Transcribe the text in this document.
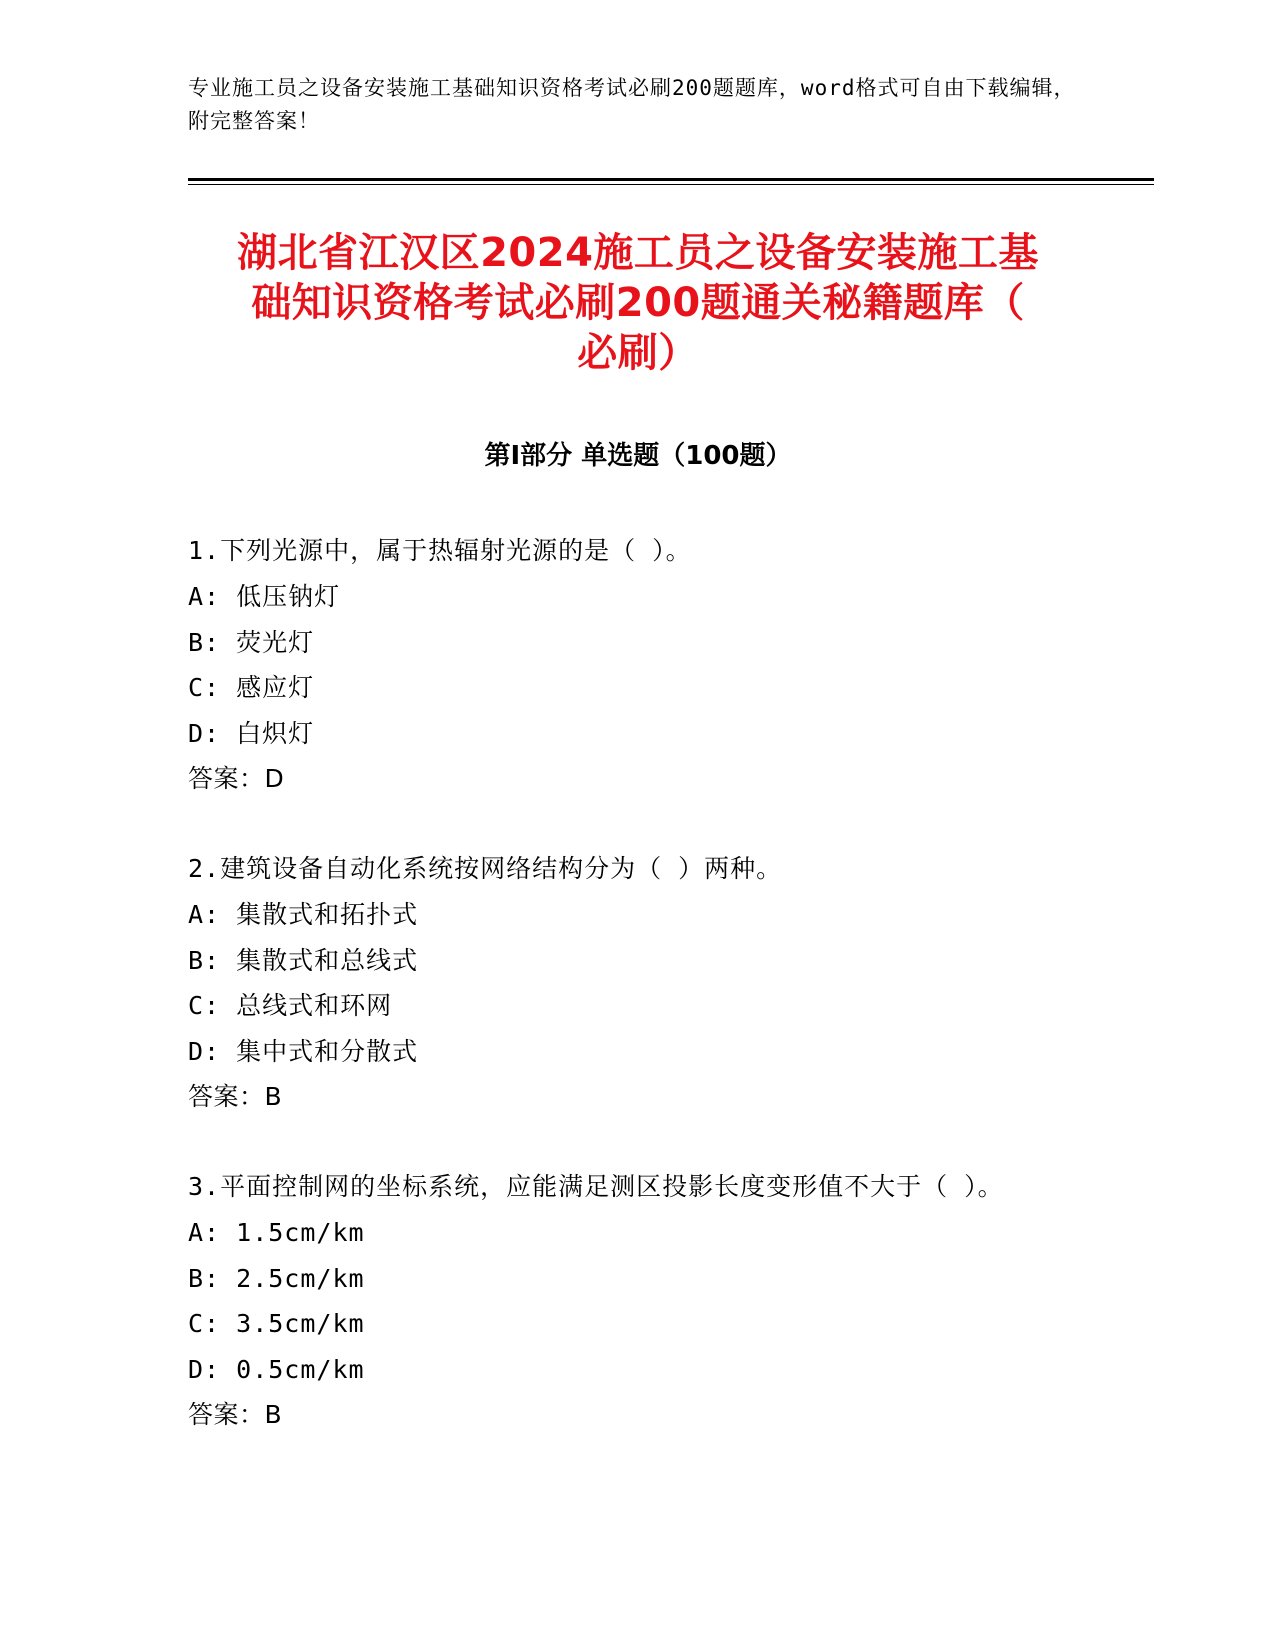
专业施工员之设备安装施工基础知识资格考试必刷200题题库，word格式可自由下载编辑，附完整答案！
湖北省江汉区2024施工员之设备安装施工基
础知识资格考试必刷200题通关秘籍题库（
必刷）
第I部分 单选题（100题）
1.下列光源中，属于热辐射光源的是（ ）。
A: 低压钠灯
B: 荧光灯
C: 感应灯
D: 白炽灯
答案：D
2.建筑设备自动化系统按网络结构分为（ ）两种。
A: 集散式和拓扑式
B: 集散式和总线式
C: 总线式和环网
D: 集中式和分散式
答案：B
3.平面控制网的坐标系统，应能满足测区投影长度变形值不大于（ ）。
A: 1.5cm/km
B: 2.5cm/km
C: 3.5cm/km
D: 0.5cm/km
答案：B
